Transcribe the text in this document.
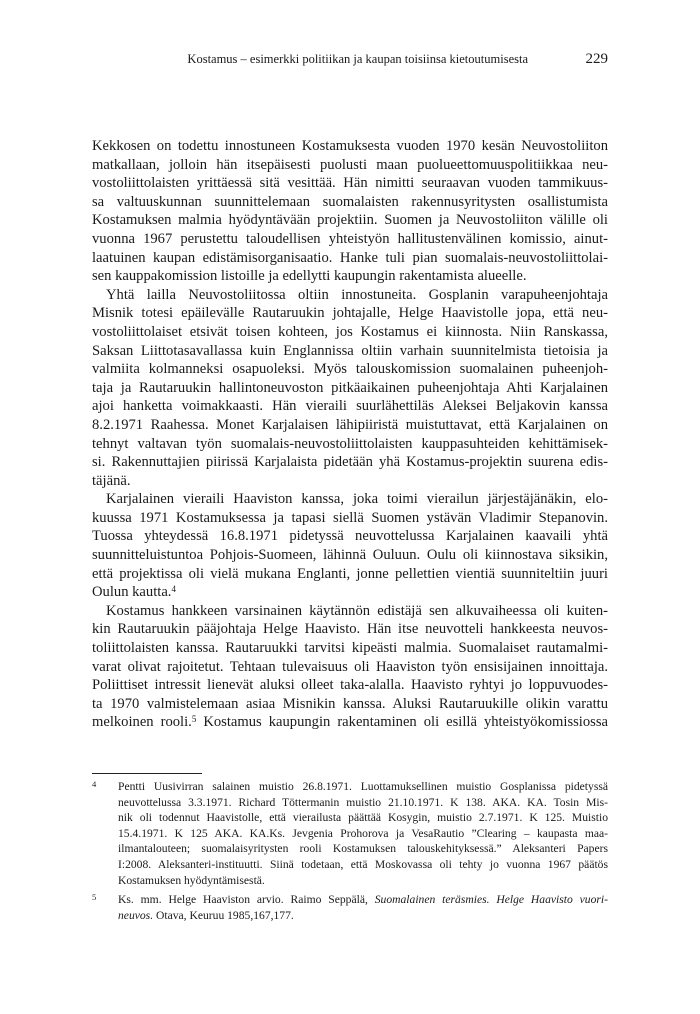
Kostamus – esimerkki politiikan ja kaupan toisiinsa kietoutumisesta	229
Kekkosen on todettu innostuneen Kostamuksesta vuoden 1970 kesän Neuvostoliiton
matkallaan, jolloin hän itsepäisesti puolusti maan puolueettomuuspolitiikkaa neu-
vostoliittolaisten yrittäessä sitä vesittää. Hän nimitti seuraavan vuoden tammikuus-
sa valtuuskunnan suunnittelemaan suomalaisten rakennusyritysten osallistumista
Kostamuksen malmia hyödyntävään projektiin. Suomen ja Neuvostoliiton välille oli
vuonna 1967 perustettu taloudellisen yhteistyön hallitustenvälinen komissio, ainut-
laatuinen kaupan edistämisorganisaatio. Hanke tuli pian suomalais-neuvostoliittolai-
sen kauppakomission listoille ja edellytti kaupungin rakentamista alueelle.
Yhtä lailla Neuvostoliitossa oltiin innostuneita. Gosplanin varapuheenjohtaja
Misnik totesi epäilevälle Rautaruukin johtajalle, Helge Haavistolle jopa, että neu-
vostoliittolaiset etsivät toisen kohteen, jos Kostamus ei kiinnosta. Niin Ranskassa,
Saksan Liittotasavallassa kuin Englannissa oltiin varhain suunnitelmista tietoisia ja
valmiita kolmanneksi osapuoleksi. Myös talouskomission suomalainen puheenjoh-
taja ja Rautaruukin hallintoneuvoston pitkäaikainen puheenjohtaja Ahti Karjalainen
ajoi hanketta voimakkaasti. Hän vieraili suurlähettiläs Aleksei Beljakovin kanssa
8.2.1971 Raahessa. Monet Karjalaisen lähipiiristä muistuttavat, että Karjalainen on
tehnyt valtavan työn suomalais-neuvostoliittolaisten kauppasuhteiden kehittämisek-
si. Rakennuttajien piirissä Karjalaista pidetään yhä Kostamus-projektin suurena edis-
täjänä.
Karjalainen vieraili Haaviston kanssa, joka toimi vierailun järjestäjänäkin, elo-
kuussa 1971 Kostamuksessa ja tapasi siellä Suomen ystävän Vladimir Stepanovin.
Tuossa yhteydessä 16.8.1971 pidetyssä neuvottelussa Karjalainen kaavaili yhtä
suunnitteluistuntoa Pohjois-Suomeen, lähinnä Ouluun. Oulu oli kiinnostava siksikin,
että projektissa oli vielä mukana Englanti, jonne pellettien vientiä suunniteltiin juuri
Oulun kautta.$^4$
Kostamus hankkeen varsinainen käytännön edistäjä sen alkuvaiheessa oli kuiten-
kin Rautaruukin pääjohtaja Helge Haavisto. Hän itse neuvotteli hankkeesta neuvos-
toliittolaisten kanssa. Rautaruukki tarvitsi kipeästi malmia. Suomalaiset rautamalmi-
varat olivat rajoitetut. Tehtaan tulevaisuus oli Haaviston työn ensisijainen innoittaja.
Poliittiset intressit lienevät aluksi olleet taka-alalla. Haavisto ryhtyi jo loppuvuodes-
ta 1970 valmistelemaan asiaa Misnikin kanssa. Aluksi Rautaruukille olikin varattu
melkoinen rooli.$^5$ Kostamus kaupungin rakentaminen oli esillä yhteistyökomissiossa
4 Pentti Uusivirran salainen muistio 26.8.1971. Luottamuksellinen muistio Gosplanissa pidetyssä
neuvottelussa 3.3.1971. Richard Töttermanin muistio 21.10.1971. K 138. AKA. KA. Tosin Mis-
nik oli todennut Haavistolle, että vierailusta päättää Kosygin, muistio 2.7.1971. K 125. Muistio
15.4.1971. K 125 AKA. KA.Ks. Jevgenia Prohorova ja VesaRautio ”Clearing – kaupasta maa-
ilmantalouteen; suomalaisyritysten rooli Kostamuksen talouskehityksessä.” Aleksanteri Papers
I:2008. Aleksanteri-instituutti. Siinä todetaan, että Moskovassa oli tehty jo vuonna 1967 päätös
Kostamuksen hyödyntämisestä.
5 Ks. mm. Helge Haaviston arvio. Raimo Seppälä, Suomalainen teräsmies. Helge Haavisto vuori-
neuvos. Otava, Keuruu 1985,167,177.
